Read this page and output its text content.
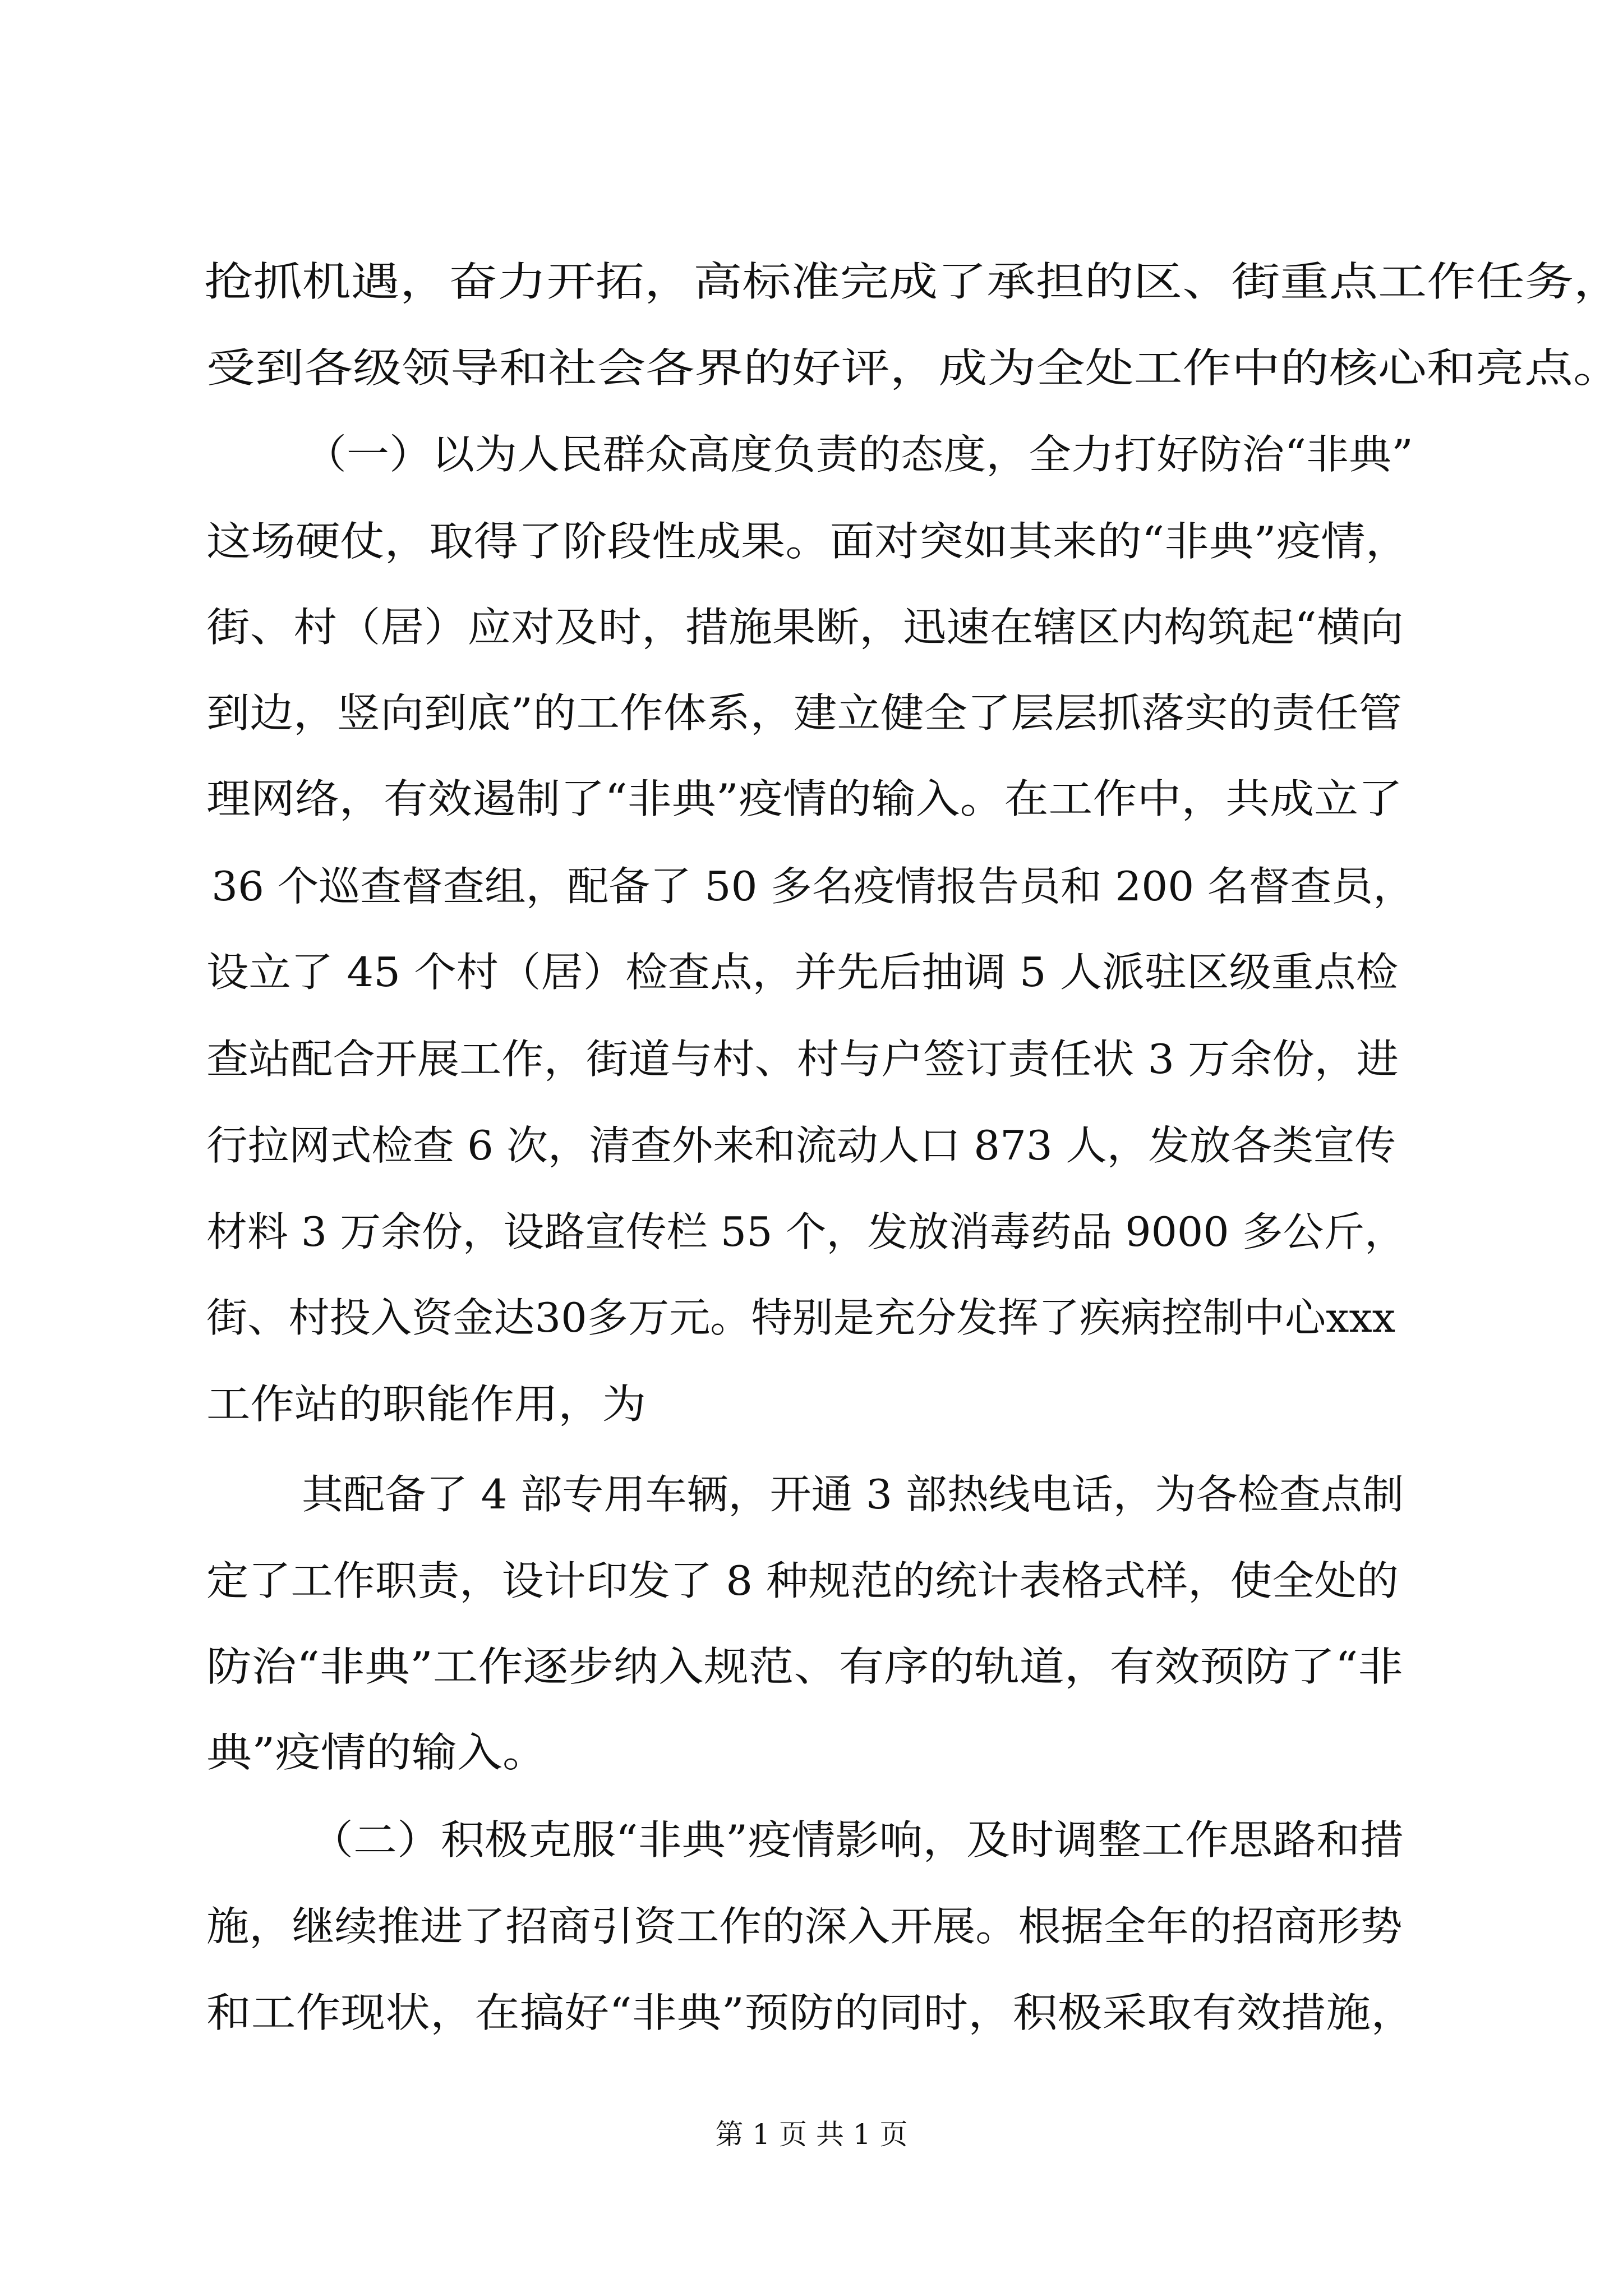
抢抓机遇，奋力开拓，高标准完成了承担的区、街重点工作任务，

受到各级领导和社会各界的好评，成为全处工作中的核心和亮点。

（一）以为人民群众高度负责的态度，全力打好防治“非典”

这场硬仗，取得了阶段性成果。面对突如其来的“非典”疫情，

街、村（居）应对及时，措施果断，迅速在辖区内构筑起“横向

到边，竖向到底”的工作体系，建立健全了层层抓落实的责任管

理网络，有效遏制了“非典”疫情的输入。在工作中，共成立了

36 个巡查督查组，配备了 50 多名疫情报告员和 200 名督查员，

设立了 45 个村（居）检查点，并先后抽调 5 人派驻区级重点检

查站配合开展工作，街道与村、村与户签订责任状 3 万余份，进

行拉网式检查 6 次，清查外来和流动人口 873 人，发放各类宣传

材料 3 万余份，设路宣传栏 55 个，发放消毒药品 9000 多公斤，

街、村投入资金达30多万元。特别是充分发挥了疾病控制中心xxx

工作站的职能作用，为

其配备了 4 部专用车辆，开通 3 部热线电话，为各检查点制

定了工作职责，设计印发了 8 种规范的统计表格式样，使全处的

防治“非典”工作逐步纳入规范、有序的轨道，有效预防了“非

典”疫情的输入。

（二）积极克服“非典”疫情影响，及时调整工作思路和措

施，继续推进了招商引资工作的深入开展。根据全年的招商形势

和工作现状，在搞好“非典”预防的同时，积极采取有效措施，

第 1 页 共 1 页
